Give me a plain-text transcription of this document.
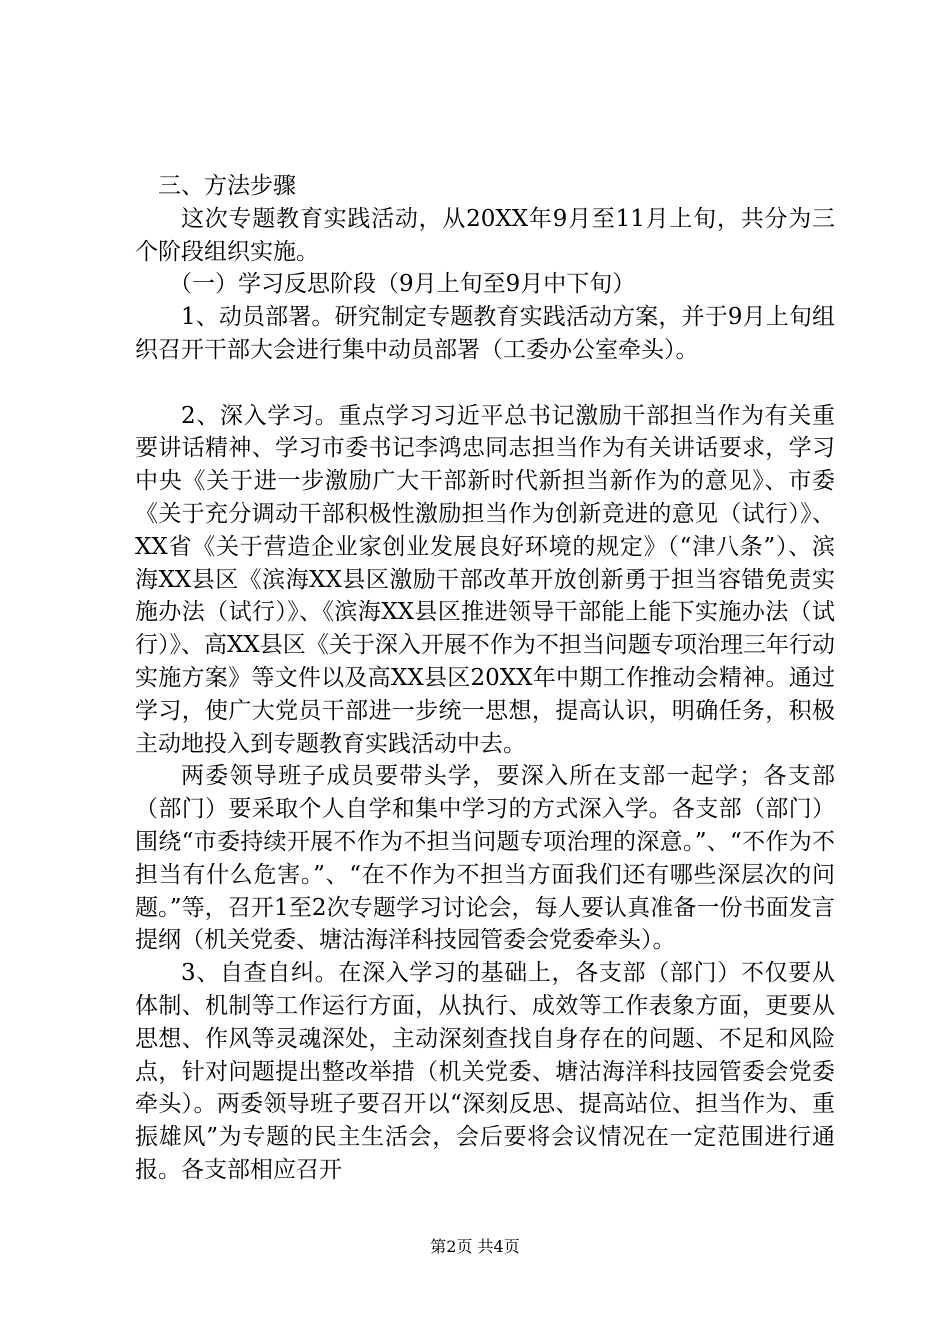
三、方法步骤

这次专题教育实践活动，从20XX年9月至11月上旬，共分为三个阶段组织实施。

（一）学习反思阶段（9月上旬至9月中下旬）

1、动员部署。研究制定专题教育实践活动方案，并于9月上旬组织召开干部大会进行集中动员部署（工委办公室牵头）。

2、深入学习。重点学习习近平总书记激励干部担当作为有关重要讲话精神、学习市委书记李鸿忠同志担当作为有关讲话要求，学习中央《关于进一步激励广大干部新时代新担当新作为的意见》、市委《关于充分调动干部积极性激励担当作为创新竞进的意见（试行）》、XX省《关于营造企业家创业发展良好环境的规定》（“津八条”）、滨海XX县区《滨海XX县区激励干部改革开放创新勇于担当容错免责实施办法（试行）》、《滨海XX县区推进领导干部能上能下实施办法（试行）》、高XX县区《关于深入开展不作为不担当问题专项治理三年行动实施方案》等文件以及高XX县区20XX年中期工作推动会精神。通过学习，使广大党员干部进一步统一思想，提高认识，明确任务，积极主动地投入到专题教育实践活动中去。

两委领导班子成员要带头学，要深入所在支部一起学；各支部（部门）要采取个人自学和集中学习的方式深入学。各支部（部门）围绕“市委持续开展不作为不担当问题专项治理的深意。”、“不作为不担当有什么危害。”、“在不作为不担当方面我们还有哪些深层次的问题。”等，召开1至2次专题学习讨论会，每人要认真准备一份书面发言提纲（机关党委、塘沽海洋科技园管委会党委牵头）。

3、自查自纠。在深入学习的基础上，各支部（部门）不仅要从体制、机制等工作运行方面，从执行、成效等工作表象方面，更要从思想、作风等灵魂深处，主动深刻查找自身存在的问题、不足和风险点，针对问题提出整改举措（机关党委、塘沽海洋科技园管委会党委牵头）。两委领导班子要召开以“深刻反思、提高站位、担当作为、重振雄风”为专题的民主生活会，会后要将会议情况在一定范围进行通报。各支部相应召开

第2页 共4页
